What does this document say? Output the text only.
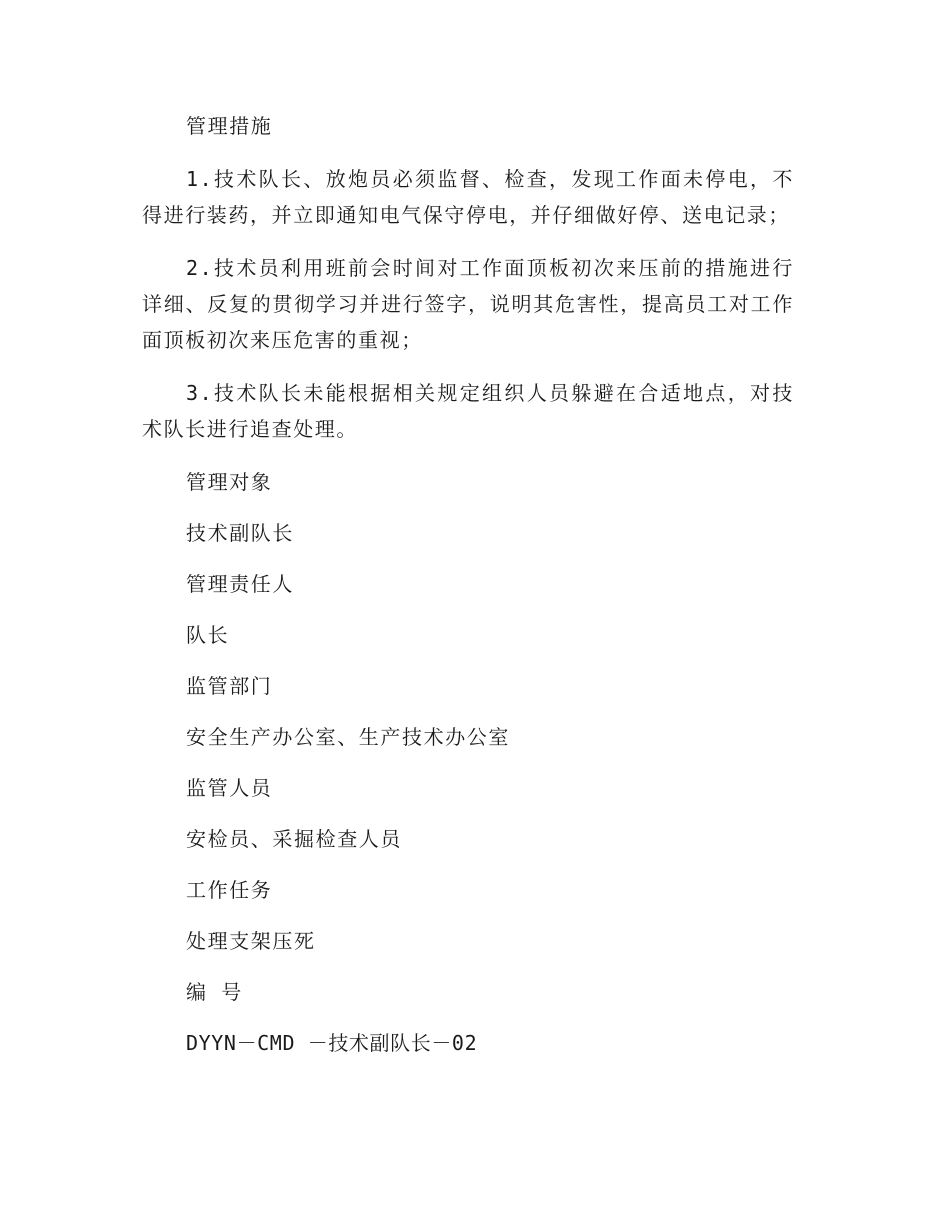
管理措施

1.技术队长、放炮员必须监督、检查，发现工作面未停电，不得进行装药，并立即通知电气保守停电，并仔细做好停、送电记录；

2.技术员利用班前会时间对工作面顶板初次来压前的措施进行详细、反复的贯彻学习并进行签字，说明其危害性，提高员工对工作面顶板初次来压危害的重视；

3.技术队长未能根据相关规定组织人员躲避在合适地点，对技术队长进行追查处理。

管理对象

技术副队长

管理责任人

队长

监管部门

安全生产办公室、生产技术办公室

监管人员

安检员、采掘检查人员

工作任务

处理支架压死

编 号

DYYN－CMD －技术副队长－02
